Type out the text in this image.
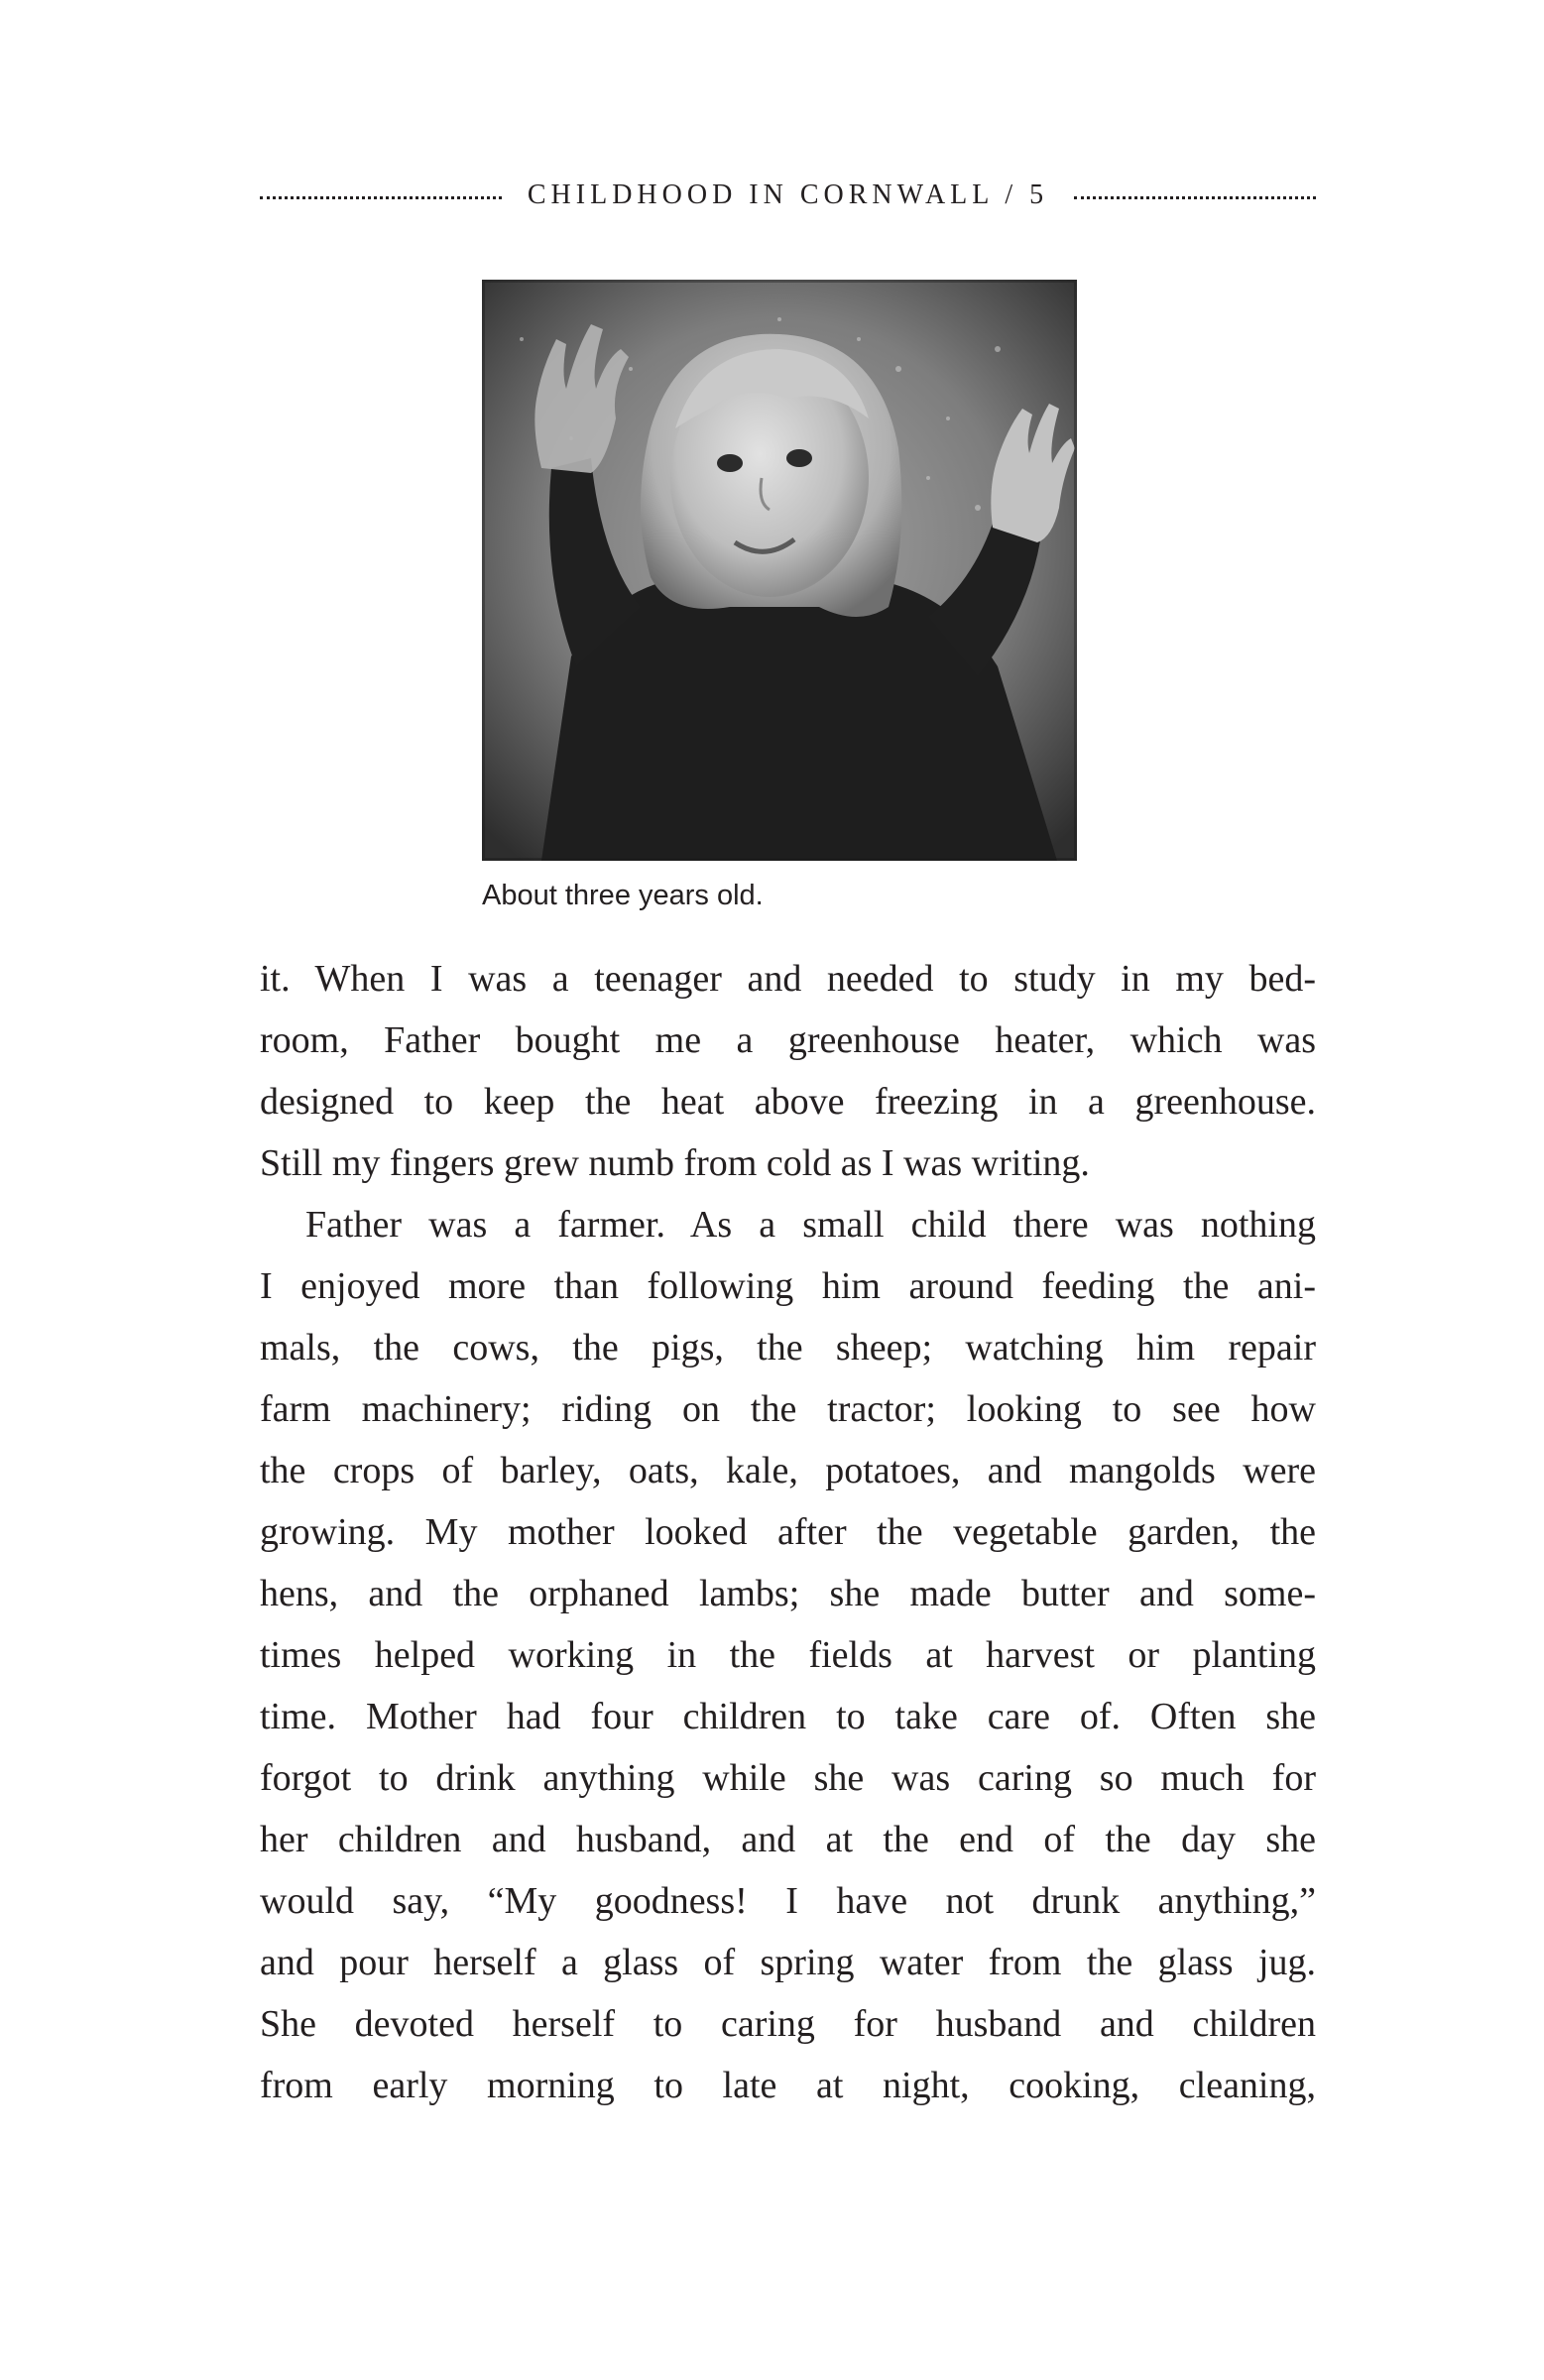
CHILDHOOD IN CORNWALL / 5
About three years old.
it. When I was a teenager and needed to study in my bed-
room, Father bought me a greenhouse heater, which was
designed to keep the heat above freezing in a greenhouse.
Still my fingers grew numb from cold as I was writing.
Father was a farmer. As a small child there was nothing
I enjoyed more than following him around feeding the ani-
mals, the cows, the pigs, the sheep; watching him repair
farm machinery; riding on the tractor; looking to see how
the crops of barley, oats, kale, potatoes, and mangolds were
growing. My mother looked after the vegetable garden, the
hens, and the orphaned lambs; she made butter and some-
times helped working in the fields at harvest or planting
time. Mother had four children to take care of. Often she
forgot to drink anything while she was caring so much for
her children and husband, and at the end of the day she
would say, “My goodness! I have not drunk anything,”
and pour herself a glass of spring water from the glass jug.
She devoted herself to caring for husband and children
from early morning to late at night, cooking, cleaning,
